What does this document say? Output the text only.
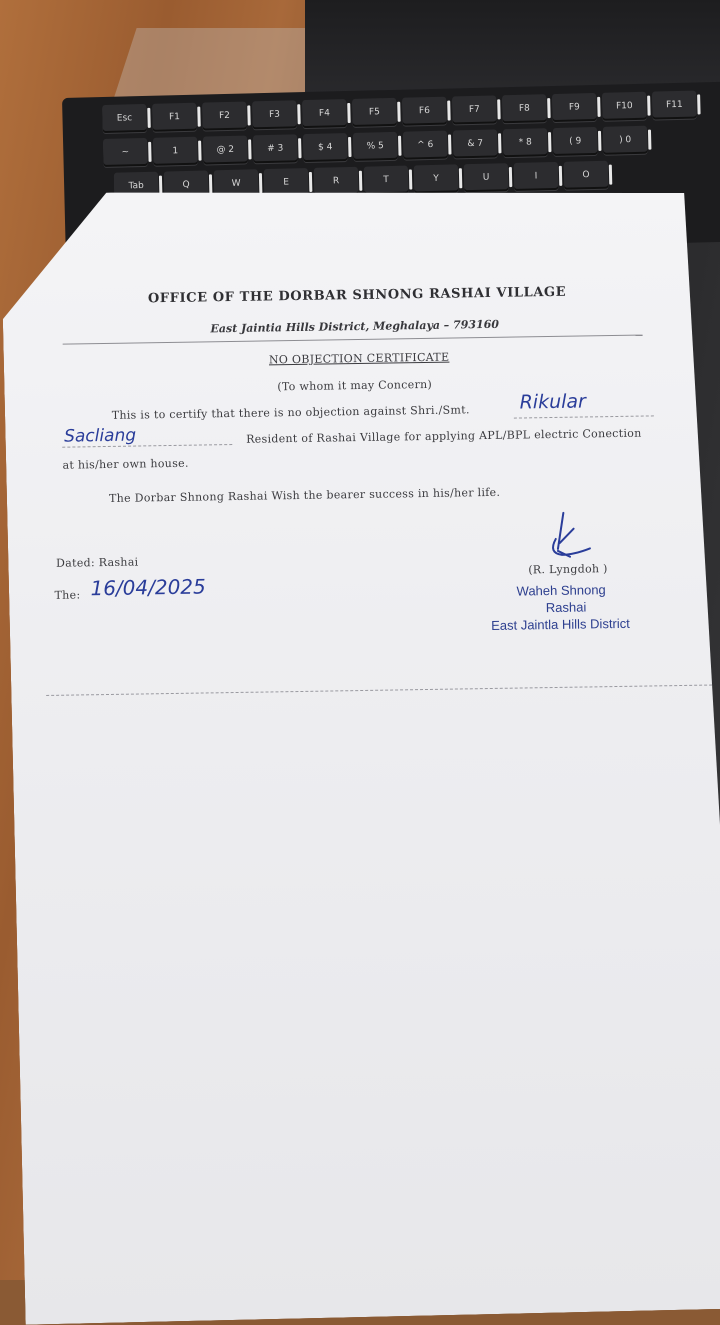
Esc	F1	F2	F3	F4	F5	F6	F7	F8	F9	F10	F11
~	1	@ 2	# 3	$ 4	% 5	^ 6	& 7	* 8	( 9	) 0
Tab	Q	W	E	R	T	Y	U	I	O
OFFICE OF THE DORBAR SHNONG RASHAI VILLAGE
East Jaintia Hills District, Meghalaya – 793160
NO OBJECTION CERTIFICATE
(To whom it may Concern)
This is to certify that there is no objection against Shri./Smt.	Rikular
Sacliang	Resident of Rashai Village for applying APL/BPL electric Conection
at his/her own house.
The Dorbar Shnong Rashai Wish the bearer success in his/her life.
Dated: Rashai
The: 16/04/2025
(R. Lyngdoh )
Waheh Shnong
Rashai
East Jaintla Hills District
